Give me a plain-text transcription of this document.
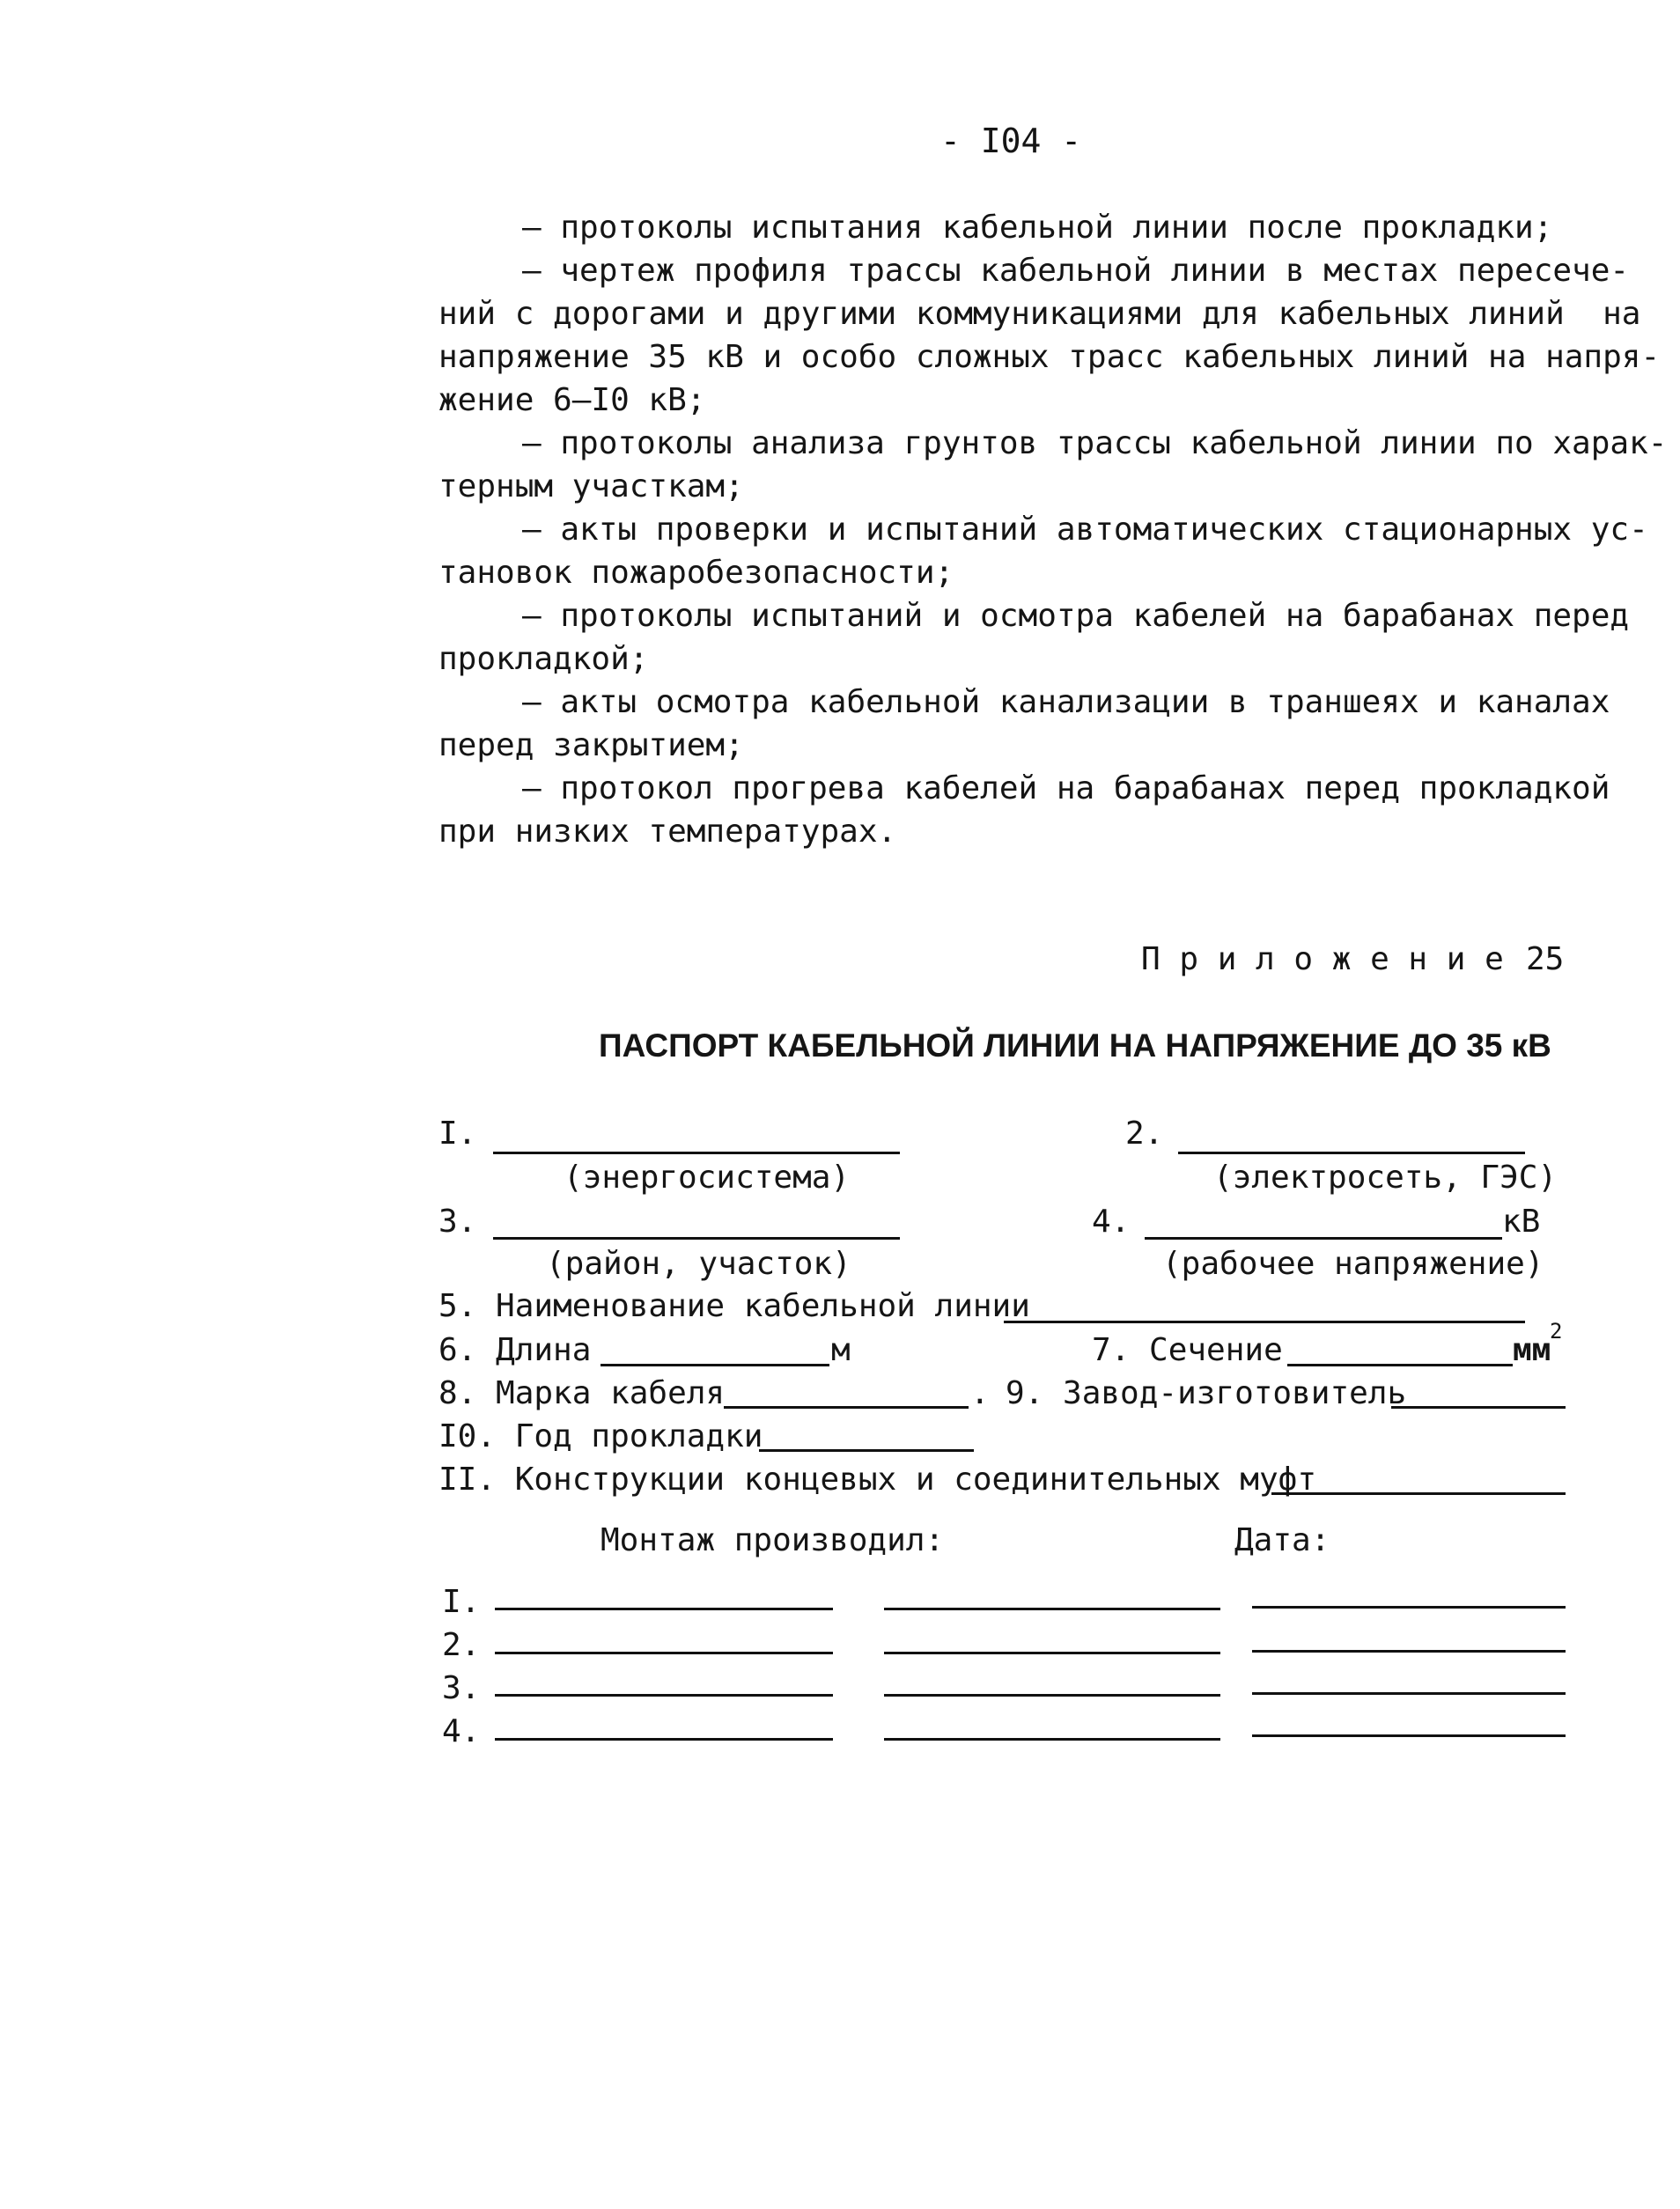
- I04 -
– протоколы испытания кабельной линии после прокладки;
– чертеж профиля трассы кабельной линии в местах пересече-
ний с дорогами и другими коммуникациями для кабельных линий  на
напряжение 35 кВ и особо сложных трасс кабельных линий на напря-
жение 6–I0 кВ;
– протоколы анализа грунтов трассы кабельной линии по харак-
терным участкам;
– акты проверки и испытаний автоматических стационарных ус-
тановок пожаробезопасности;
– протоколы испытаний и осмотра кабелей на барабанах перед
прокладкой;
– акты осмотра кабельной канализации в траншеях и каналах
перед закрытием;
– протокол прогрева кабелей на барабанах перед прокладкой
при низких температурах.
П р и л о ж е н и е 25
ПАСПОРТ КАБЕЛЬНОЙ ЛИНИИ НА НАПРЯЖЕНИЕ ДО 35 кВ
I.
(энергосистема)
2.
(электросеть, ГЭС)
3.
(район, участок)
4.	кВ
(рабочее напряжение)
5. Наименование кабельной линии
6. Длина	м	7. Сечение	мм
2
8. Марка кабеля	. 9. Завод-изготовитель
I0. Год прокладки
II. Конструкции концевых и соединительных муфт
Монтаж производил:	Дата:
I.
2.
3.
4.
